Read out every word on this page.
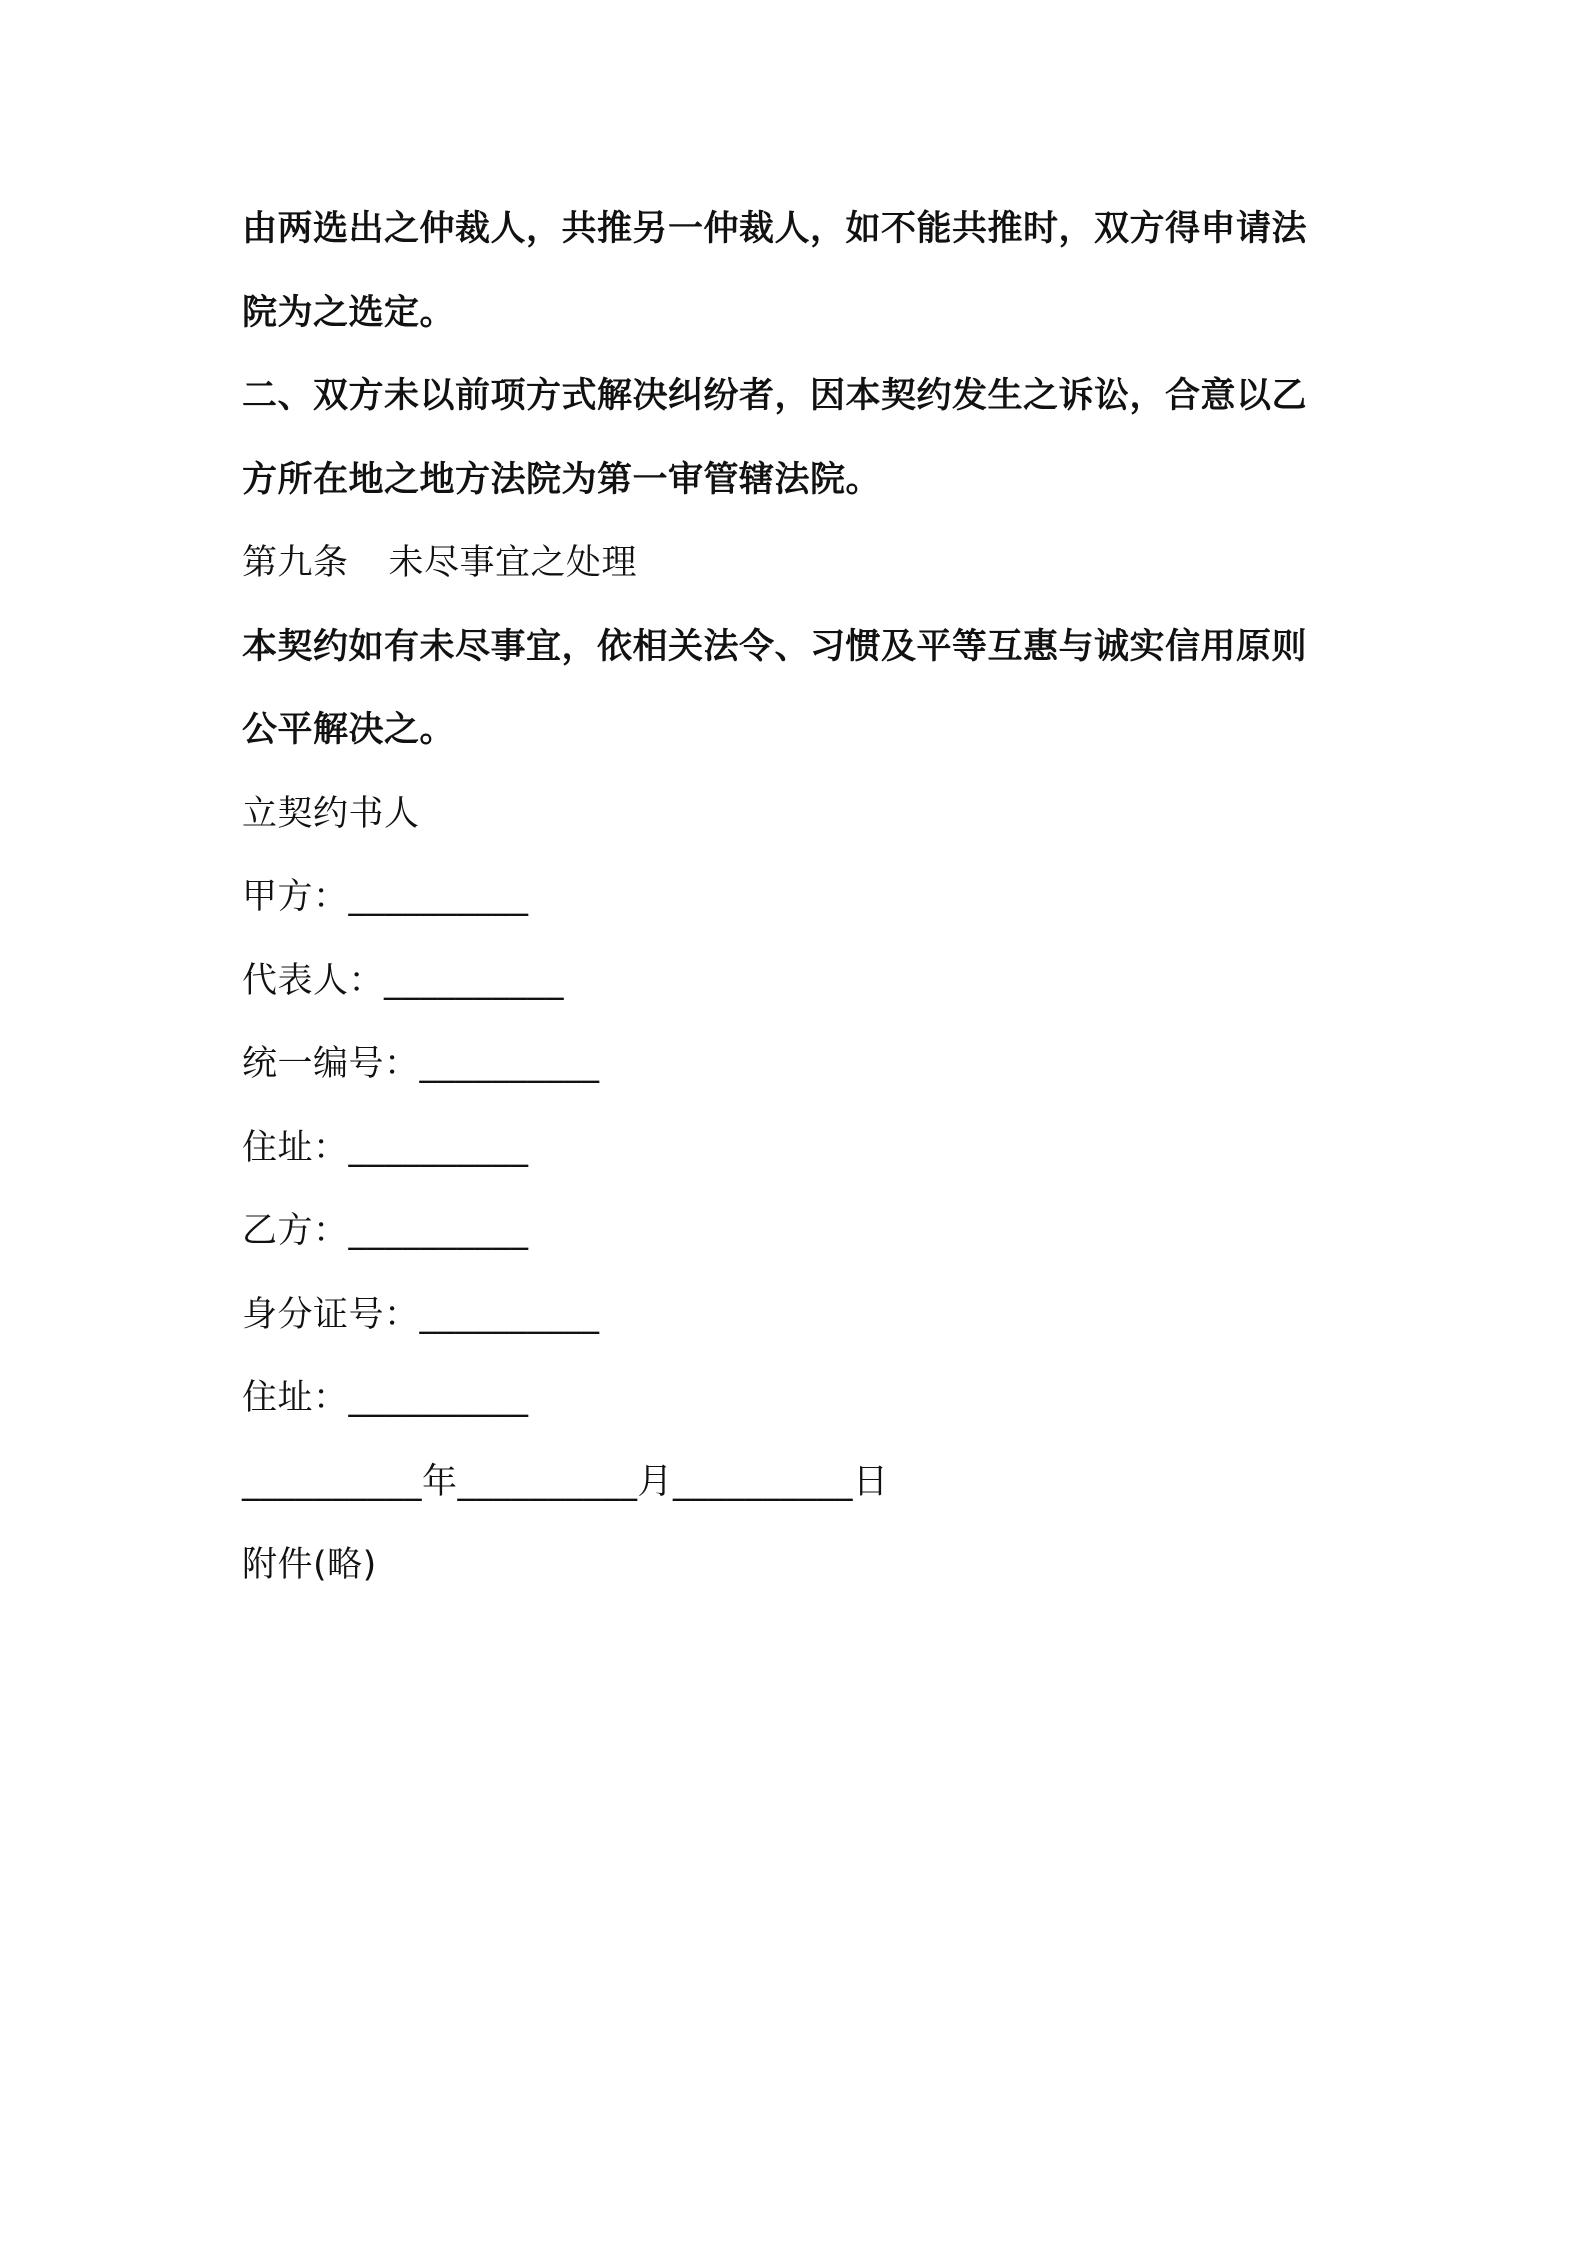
由两选出之仲裁人，共推另一仲裁人，如不能共推时，双方得申请法
院为之选定。
二、双方未以前项方式解决纠纷者，因本契约发生之诉讼，合意以乙
方所在地之地方法院为第一审管辖法院。
第九条 未尽事宜之处理
本契约如有未尽事宜，依相关法令、习惯及平等互惠与诚实信用原则
公平解决之。
立契约书人
甲方：__________
代表人：__________
统一编号：__________
住址：__________
乙方：__________
身分证号：__________
住址：__________
__________年__________月__________日
附件(略)
